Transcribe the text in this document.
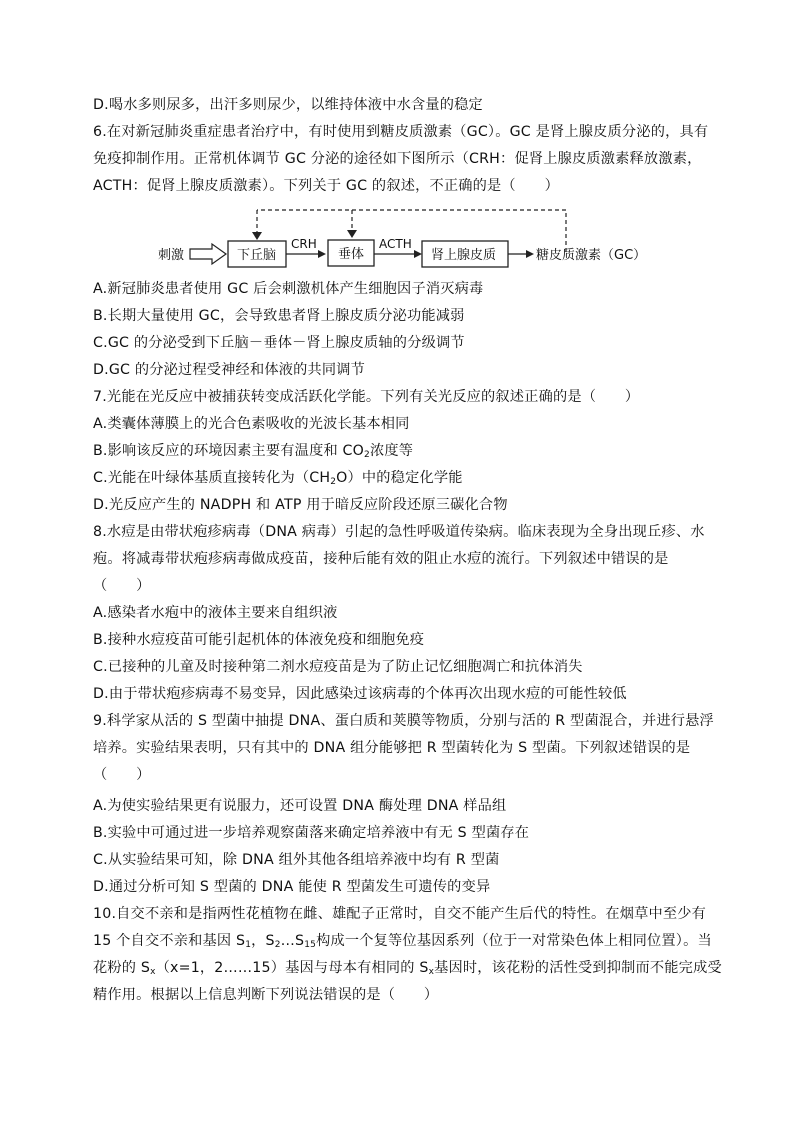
D.喝水多则尿多，出汗多则尿少，以维持体液中水含量的稳定
6.在对新冠肺炎重症患者治疗中，有时使用到糖皮质激素（GC）。GC 是肾上腺皮质分泌的，具有
免疫抑制作用。正常机体调节 GC 分泌的途径如下图所示（CRH：促肾上腺皮质激素释放激素，
ACTH：促肾上腺皮质激素）。下列关于 GC 的叙述，不正确的是（　　）
刺激	下丘脑
CRH
垂体
ACTH
肾上腺皮质	糖皮质激素（GC）
A.新冠肺炎患者使用 GC 后会刺激机体产生细胞因子消灭病毒
B.长期大量使用 GC，会导致患者肾上腺皮质分泌功能减弱
C.GC 的分泌受到下丘脑－垂体－肾上腺皮质轴的分级调节
D.GC 的分泌过程受神经和体液的共同调节
7.光能在光反应中被捕获转变成活跃化学能。下列有关光反应的叙述正确的是（　　）
A.类囊体薄膜上的光合色素吸收的光波长基本相同
B.影响该反应的环境因素主要有温度和 $CO_2$浓度等
C.光能在叶绿体基质直接转化为$(CH_2O)$中的稳定化学能
D.光反应产生的 NADPH 和 ATP 用于暗反应阶段还原三碳化合物
8.水痘是由带状疱疹病毒（DNA 病毒）引起的急性呼吸道传染病。临床表现为全身出现丘疹、水
疱。将减毒带状疱疹病毒做成疫苗，接种后能有效的阻止水痘的流行。下列叙述中错误的是
（　　）
A.感染者水疱中的液体主要来自组织液
B.接种水痘疫苗可能引起机体的体液免疫和细胞免疫
C.已接种的儿童及时接种第二剂水痘疫苗是为了防止记忆细胞凋亡和抗体消失
D.由于带状疱疹病毒不易变异，因此感染过该病毒的个体再次出现水痘的可能性较低
9.科学家从活的 S 型菌中抽提 DNA、蛋白质和荚膜等物质，分别与活的 R 型菌混合，并进行悬浮
培养。实验结果表明，只有其中的 DNA 组分能够把 R 型菌转化为 S 型菌。下列叙述错误的是
（　　）
A.为使实验结果更有说服力，还可设置 DNA 酶处理 DNA 样品组
B.实验中可通过进一步培养观察菌落来确定培养液中有无 S 型菌存在
C.从实验结果可知，除 DNA 组外其他各组培养液中均有 R 型菌
D.通过分析可知 S 型菌的 DNA 能使 R 型菌发生可遗传的变异
10.自交不亲和是指两性花植物在雌、雄配子正常时，自交不能产生后代的特性。在烟草中至少有
15 个自交不亲和基因 $S_1$，$S_2\dots S_{15}$构成一个复等位基因系列（位于一对常染色体上相同位置）。当
花粉的 $S_x(x=1$，2……15）基因与母本有相同的 $S_x$基因时，该花粉的活性受到抑制而不能完成受
精作用。根据以上信息判断下列说法错误的是（　　）
